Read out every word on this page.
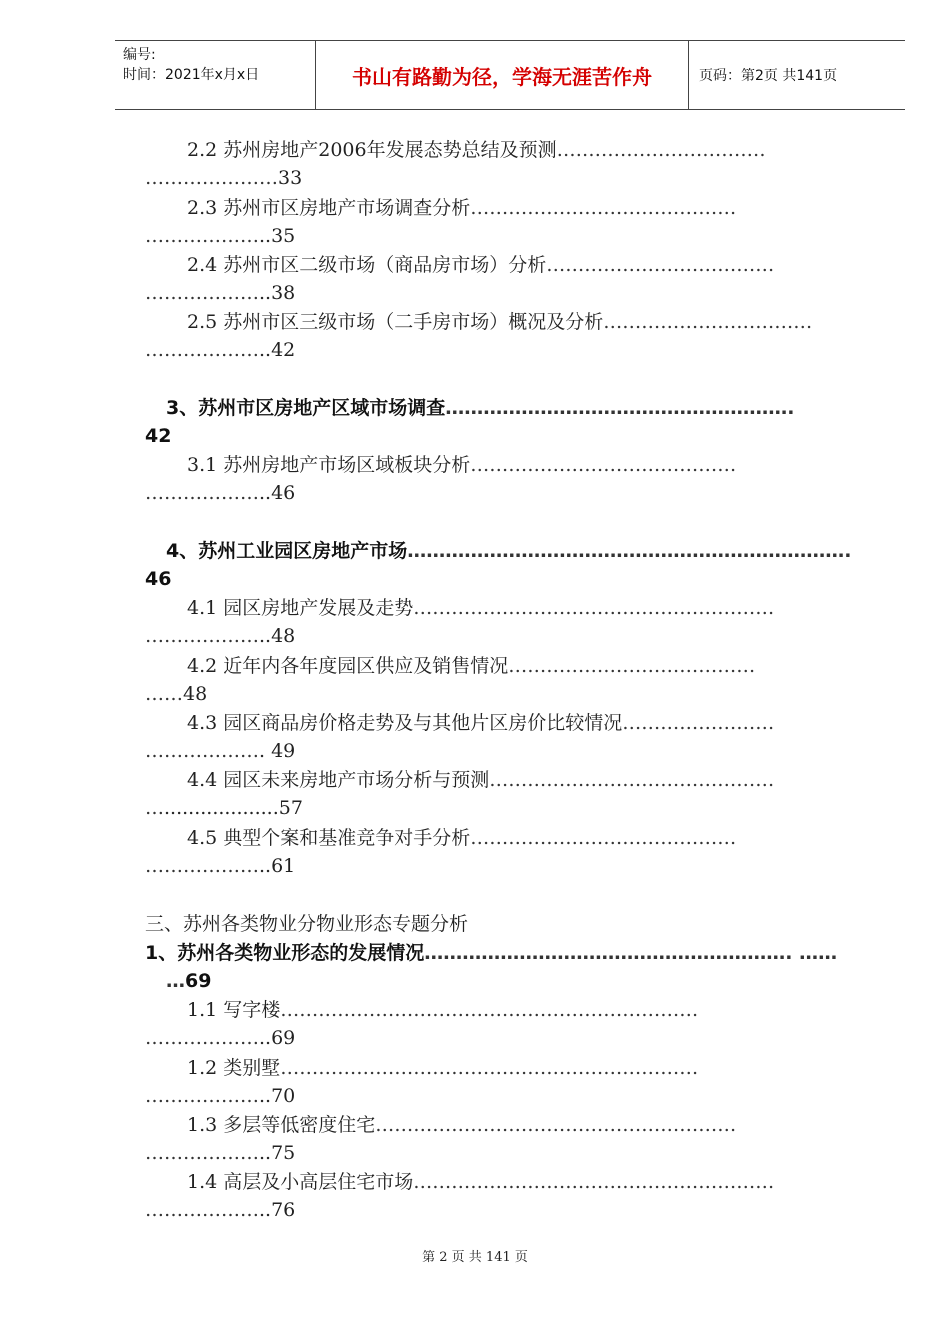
编号:
时间：2021年x月x日	书山有路勤为径，学海无涯苦作舟	页码：第2页 共141页
2.2 苏州房地产2006年发展态势总结及预测……………………………
…………………33
2.3 苏州市区房地产市场调查分析……………………………………
………………..35
2.4 苏州市区二级市场（商品房市场）分析………………………………
………………..38
2.5 苏州市区三级市场（二手房市场）概况及分析……………………………
………………..42
3、苏州市区房地产区域市场调查……………………………………………….
42
3.1 苏州房地产市场区域板块分析……………………………………
………………..46
4、苏州工业园区房地产市场…………………………………………………………….
46
4.1 园区房地产发展及走势…………………………………………………
………………..48
4.2 近年内各年度园区供应及销售情况…………………………………
……48
4.3 园区商品房价格走势及与其他片区房价比较情况……………………
………………. 49
4.4 园区未来房地产市场分析与预测………………………………………
…...................57
4.5 典型个案和基准竞争对手分析……………………………………
………………..61
三、苏州各类物业分物业形态专题分析
1、苏州各类物业形态的发展情况…………………………………………………. ……
…69
1.1 写字楼…………………………………………………………
………………..69
1.2 类别墅…………………………………………………………
………………..70
1.3 多层等低密度住宅…………………………………………………
………………..75
1.4 高层及小高层住宅市场…………………………………………………
………………..76
第 2 页 共 141 页
